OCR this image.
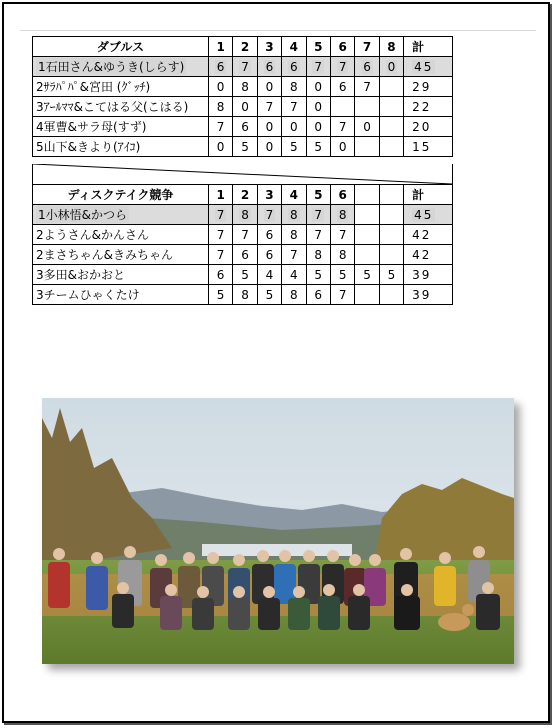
ダブルス	1	2	3	4	5	6	7	8	計
1石田さん&ゆうき(しらす)	6	7	6	6	7	7	6	0	45
2ｻﾗﾊﾟﾊﾟ&宮田 (ｸﾞｯﾁ)	0	8	0	8	0	6	7		29
3ｱｰﾙﾏﾏ&こてはる父(こはる)	8	0	7	7	0				22
4軍曹&サラ母(すず)	7	6	0	0	0	7	0		20
5山下&きより(ｱｲｺ)	0	5	0	5	5	0			15
ディスクテイク競争	1	2	3	4	5	6			計
1小林悟&かつら	7	8	7	8	7	8			45
2ようさん&かんさん	7	7	6	8	7	7			42
2まさちゃん&きみちゃん	7	6	6	7	8	8			42
3多田&おかおと	6	5	4	4	5	5	5	5	39
3チームひゃくたけ	5	8	5	8	6	7			39
